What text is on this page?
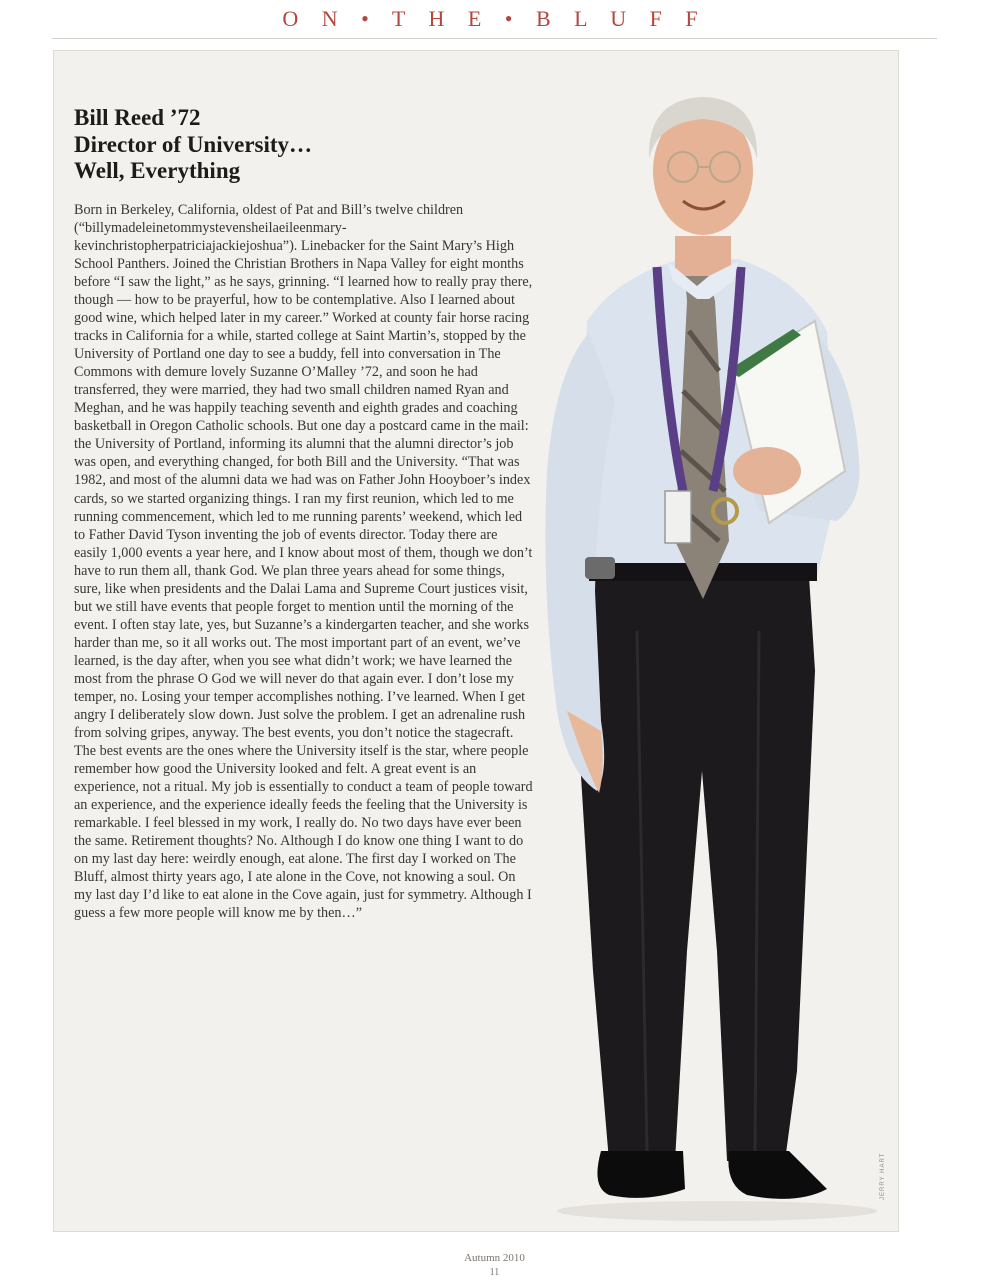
O N • T H E • B L U F F
Bill Reed ’72
Director of University…
Well, Everything

Born in Berkeley, California, oldest of Pat and Bill’s twelve children (“billymadeleinetommystevensheilaeileenmary-kevinchristopherpatriciajackiejoshua”). Linebacker for the Saint Mary’s High School Panthers. Joined the Christian Brothers in Napa Valley for eight months before “I saw the light,” as he says, grinning. “I learned how to really pray there, though — how to be prayerful, how to be contemplative. Also I learned about good wine, which helped later in my career.” Worked at county fair horse racing tracks in California for a while, started college at Saint Martin’s, stopped by the University of Portland one day to see a buddy, fell into conversation in The Commons with demure lovely Suzanne O’Malley ’72, and soon he had transferred, they were married, they had two small children named Ryan and Meghan, and he was happily teaching seventh and eighth grades and coaching basketball in Oregon Catholic schools. But one day a postcard came in the mail: the University of Portland, informing its alumni that the alumni director’s job was open, and everything changed, for both Bill and the University. “That was 1982, and most of the alumni data we had was on Father John Hooyboer’s index cards, so we started organizing things. I ran my first reunion, which led to me running commencement, which led to me running parents’ weekend, which led to Father David Tyson inventing the job of events director. Today there are easily 1,000 events a year here, and I know about most of them, though we don’t have to run them all, thank God. We plan three years ahead for some things, sure, like when presidents and the Dalai Lama and Supreme Court justices visit, but we still have events that people forget to mention until the morning of the event. I often stay late, yes, but Suzanne’s a kindergarten teacher, and she works harder than me, so it all works out. The most important part of an event, we’ve learned, is the day after, when you see what didn’t work; we have learned the most from the phrase O God we will never do that again ever. I don’t lose my temper, no. Losing your temper accomplishes nothing. I’ve learned. When I get angry I deliberately slow down. Just solve the problem. I get an adrenaline rush from solving gripes, anyway. The best events, you don’t notice the stagecraft. The best events are the ones where the University itself is the star, where people remember how good the University looked and felt. A great event is an experience, not a ritual. My job is essentially to conduct a team of people toward an experience, and the experience ideally feeds the feeling that the University is remarkable. I feel blessed in my work, I really do. No two days have ever been the same. Retirement thoughts? No. Although I do know one thing I want to do on my last day here: weirdly enough, eat alone. The first day I worked on The Bluff, almost thirty years ago, I ate alone in the Cove, not knowing a soul. On my last day I’d like to eat alone in the Cove again, just for symmetry. Although I guess a few more people will know me by then…”

JERRY HART
Autumn 2010
11
